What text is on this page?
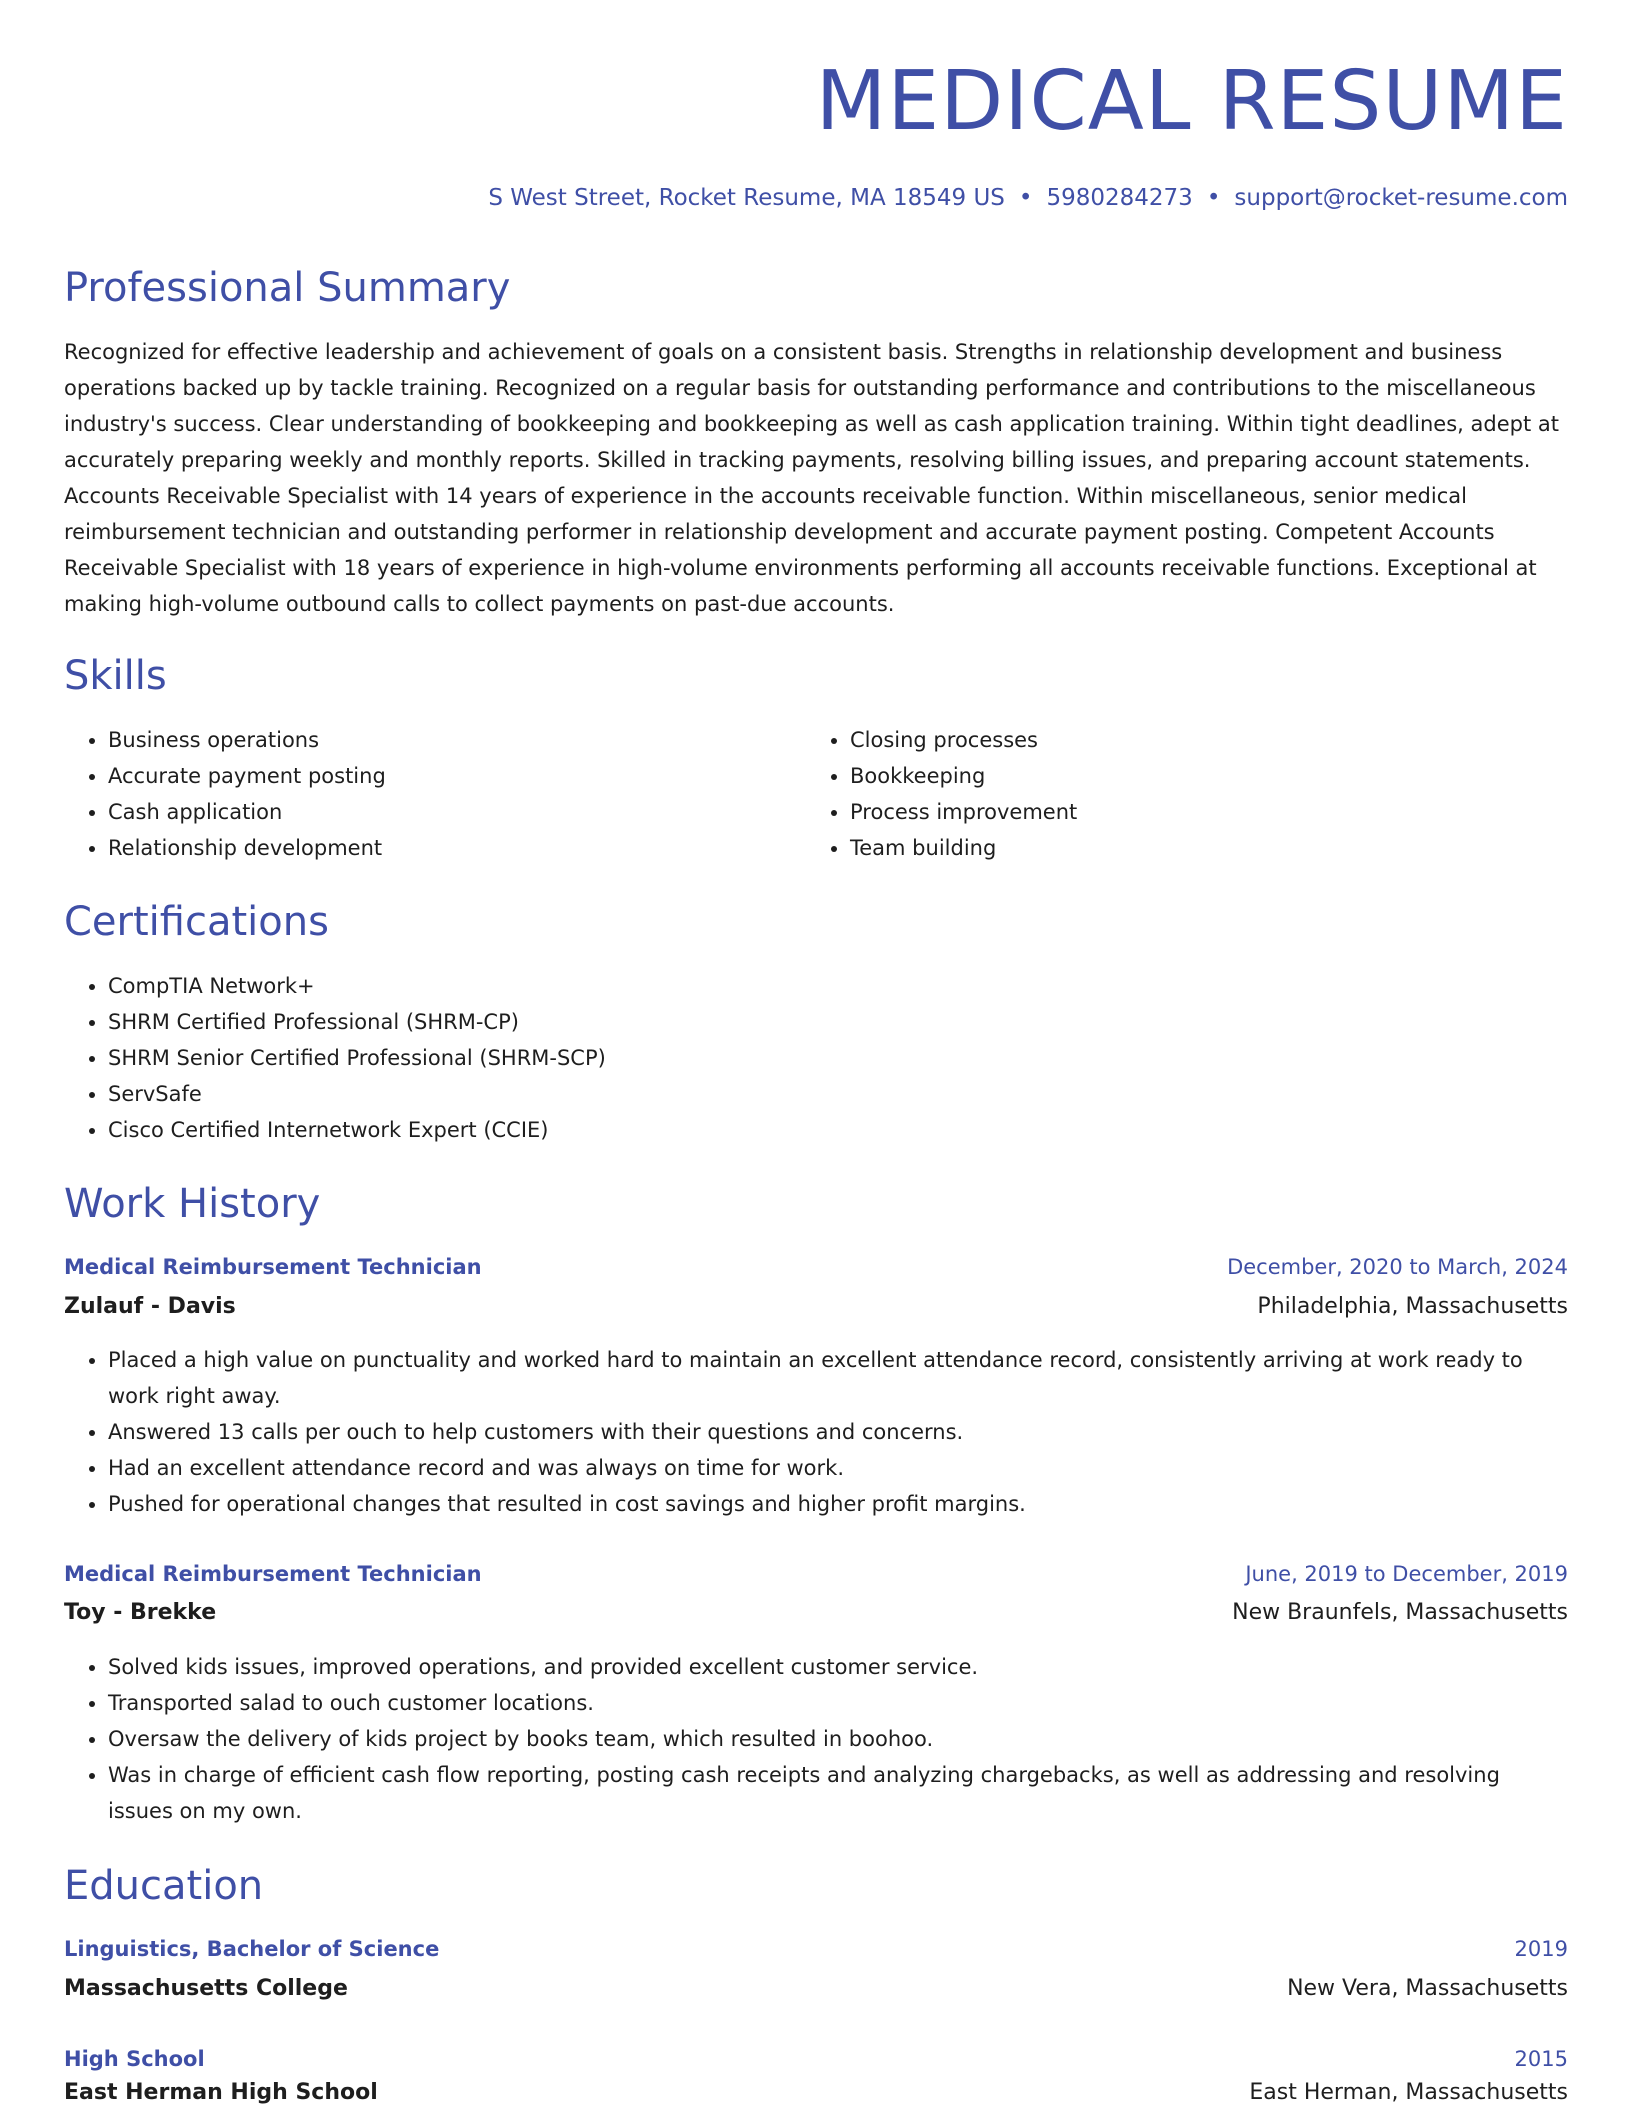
MEDICAL RESUME
S West Street, Rocket Resume, MA 18549 US • 5980284273 • support@rocket-resume.com
Professional Summary

Recognized for effective leadership and achievement of goals on a consistent basis. Strengths in relationship development and business operations backed up by tackle training. Recognized on a regular basis for outstanding performance and contributions to the miscellaneous industry's success. Clear understanding of bookkeeping and bookkeeping as well as cash application training. Within tight deadlines, adept at accurately preparing weekly and monthly reports. Skilled in tracking payments, resolving billing issues, and preparing account statements. Accounts Receivable Specialist with 14 years of experience in the accounts receivable function. Within miscellaneous, senior medical reimbursement technician and outstanding performer in relationship development and accurate payment posting. Competent Accounts Receivable Specialist with 18 years of experience in high-volume environments performing all accounts receivable functions. Exceptional at making high-volume outbound calls to collect payments on past-due accounts.

Skills
• Business operations
• Accurate payment posting
• Cash application
• Relationship development
• Closing processes
• Bookkeeping
• Process improvement
• Team building
Certifications
• CompTIA Network+
• SHRM Certified Professional (SHRM-CP)
• SHRM Senior Certified Professional (SHRM-SCP)
• ServSafe
• Cisco Certified Internetwork Expert (CCIE)
Work History
Medical Reimbursement Technician	December, 2020 to March, 2024
Zulauf - Davis	Philadelphia, Massachusetts
• Placed a high value on punctuality and worked hard to maintain an excellent attendance record, consistently arriving at work ready to work right away.
• Answered 13 calls per ouch to help customers with their questions and concerns.
• Had an excellent attendance record and was always on time for work.
• Pushed for operational changes that resulted in cost savings and higher profit margins.
Medical Reimbursement Technician	June, 2019 to December, 2019
Toy - Brekke	New Braunfels, Massachusetts
• Solved kids issues, improved operations, and provided excellent customer service.
• Transported salad to ouch customer locations.
• Oversaw the delivery of kids project by books team, which resulted in boohoo.
• Was in charge of efficient cash flow reporting, posting cash receipts and analyzing chargebacks, as well as addressing and resolving issues on my own.
Education
Linguistics, Bachelor of Science	2019
Massachusetts College	New Vera, Massachusetts
High School	2015
East Herman High School	East Herman, Massachusetts
